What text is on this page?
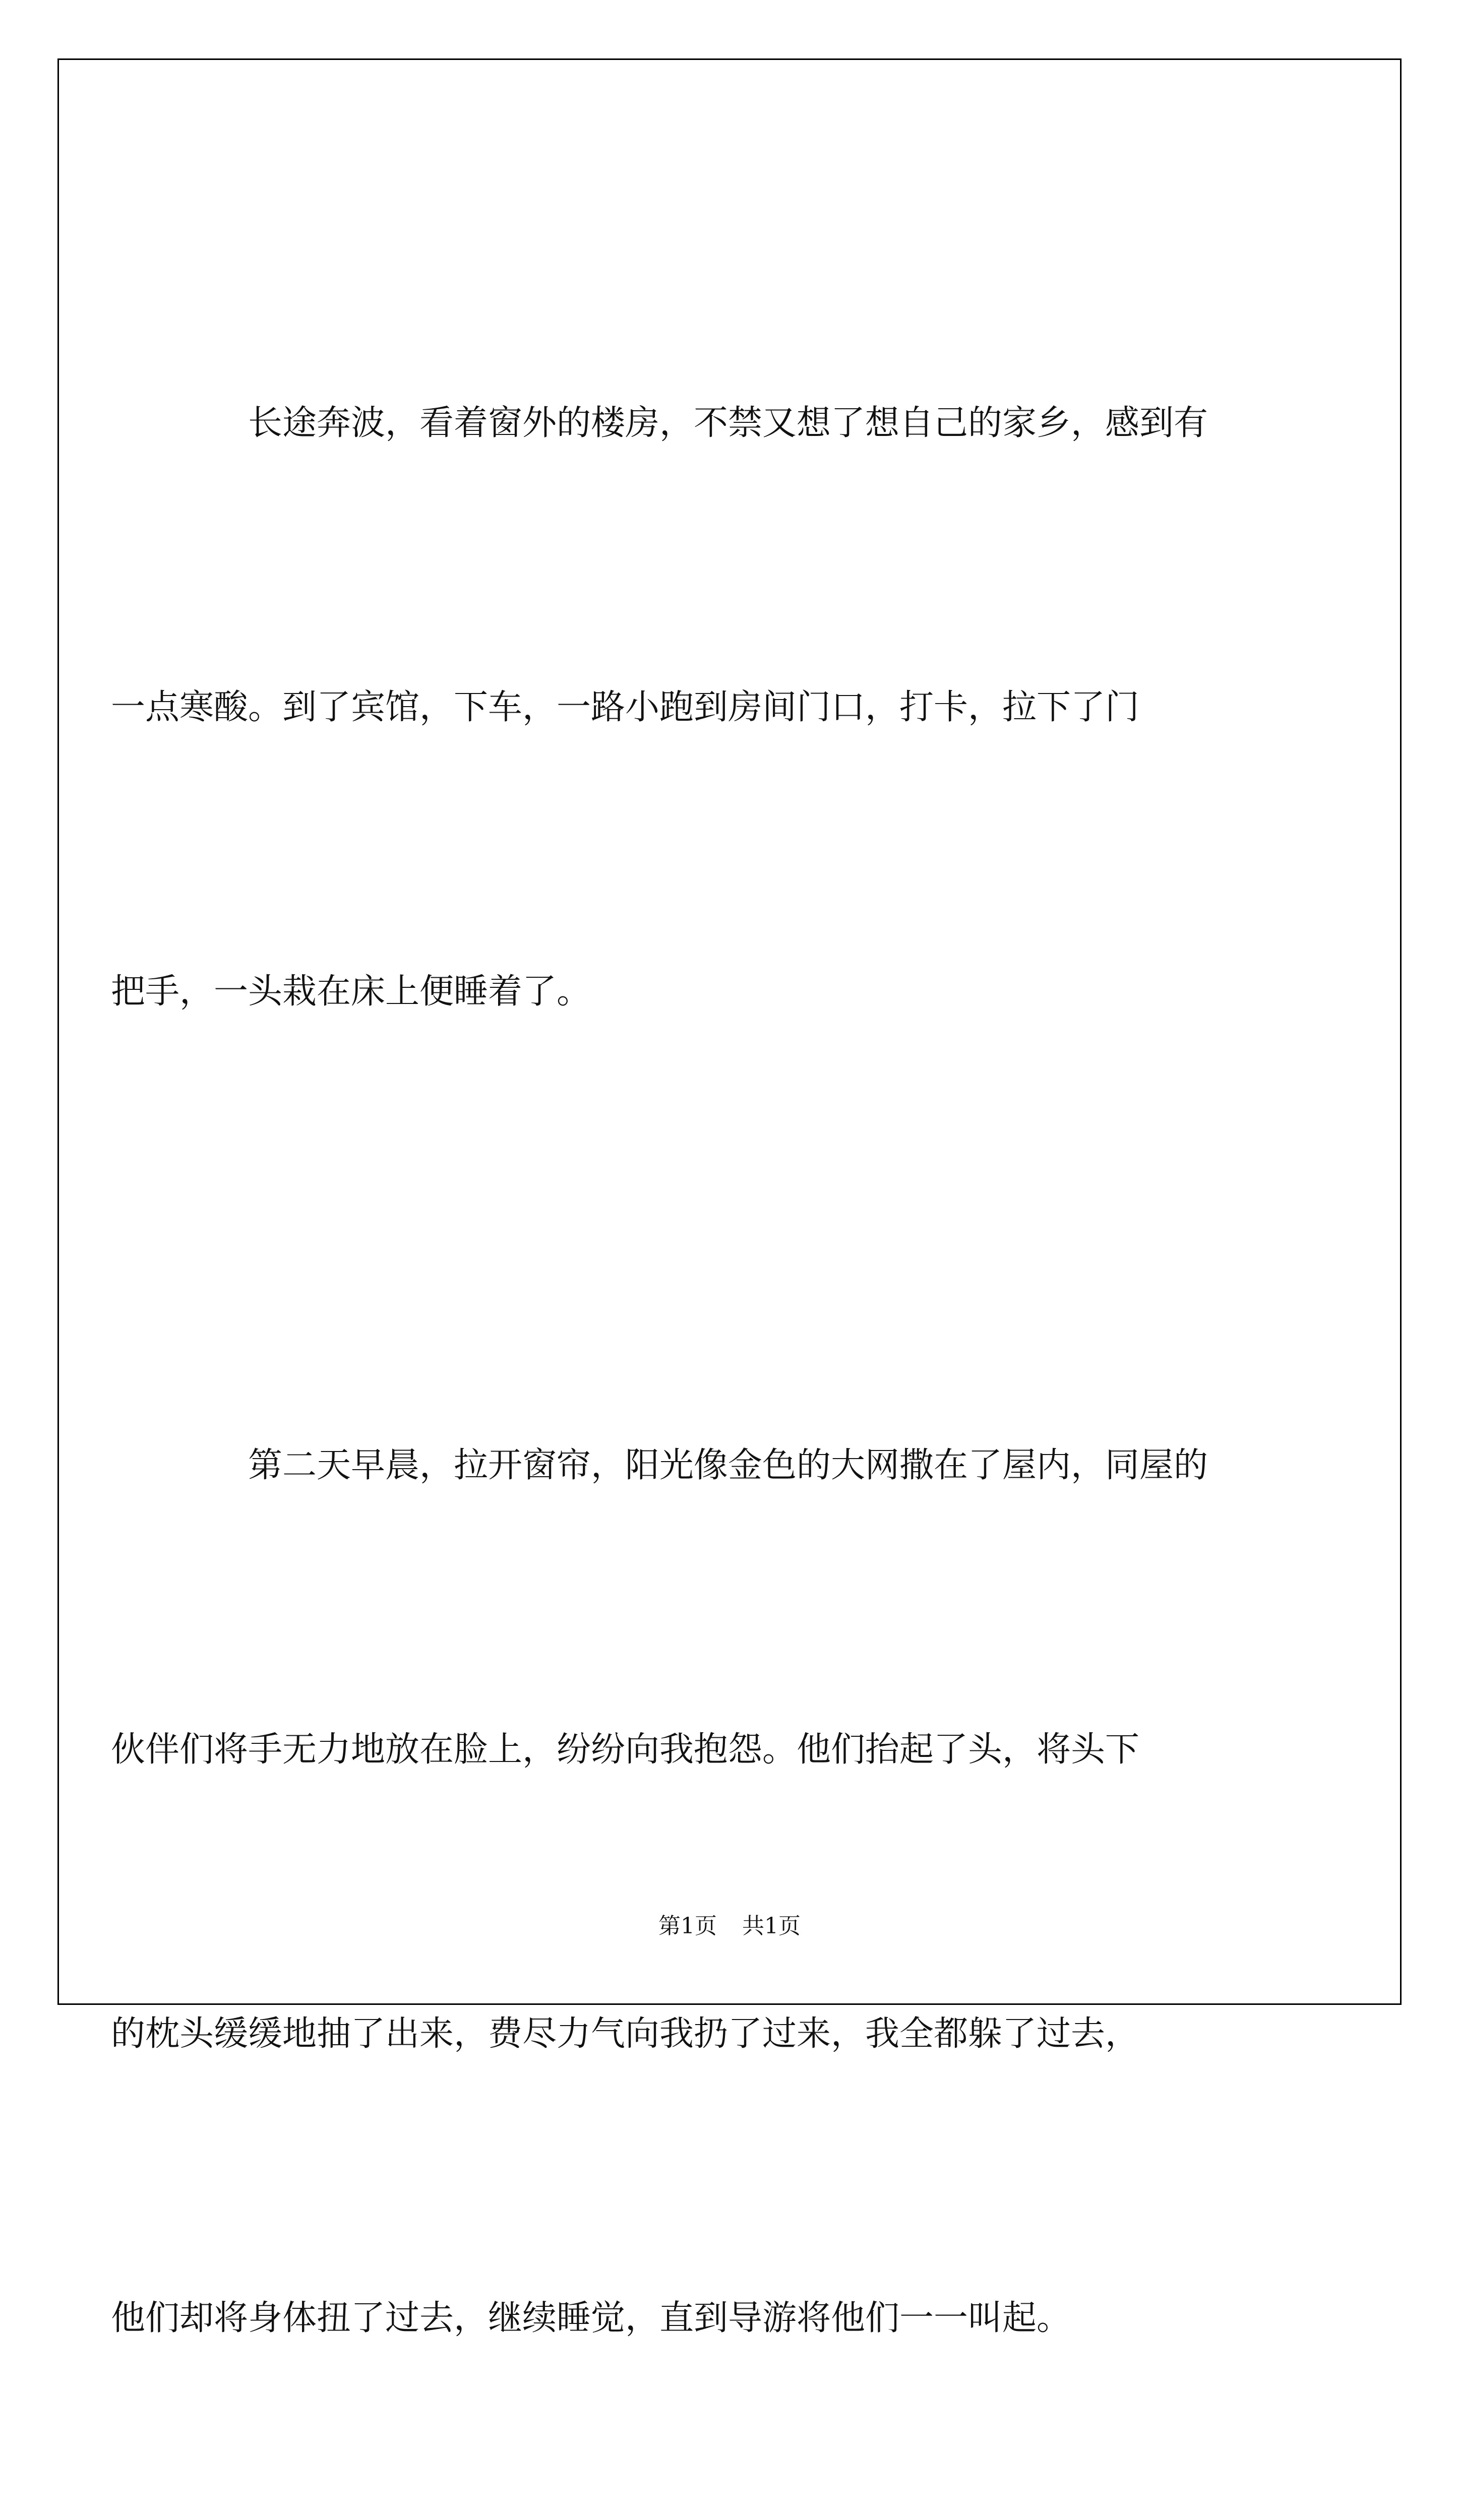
长途奔波，看着窗外的楼房，不禁又想了想自己的家乡，感到有

一点寒酸。到了宾馆，下车，一路小跑到房间门口，打卡，拉下了门

把手，一头栽在床上便睡着了。

第二天早晨，拉开窗帘，阳光像金色的大网撒在了屋内，同屋的

伙伴们将手无力地放在脸上，纷纷向我抱怨。他们抬起了头，将头下

的枕头缓缓地抽了出来，费尽力气向我扔了过来，我全都躲了过去，

他们却将身体扭了过去，继续睡觉，直到导游将他们一一叫起。

第1页 共1页
